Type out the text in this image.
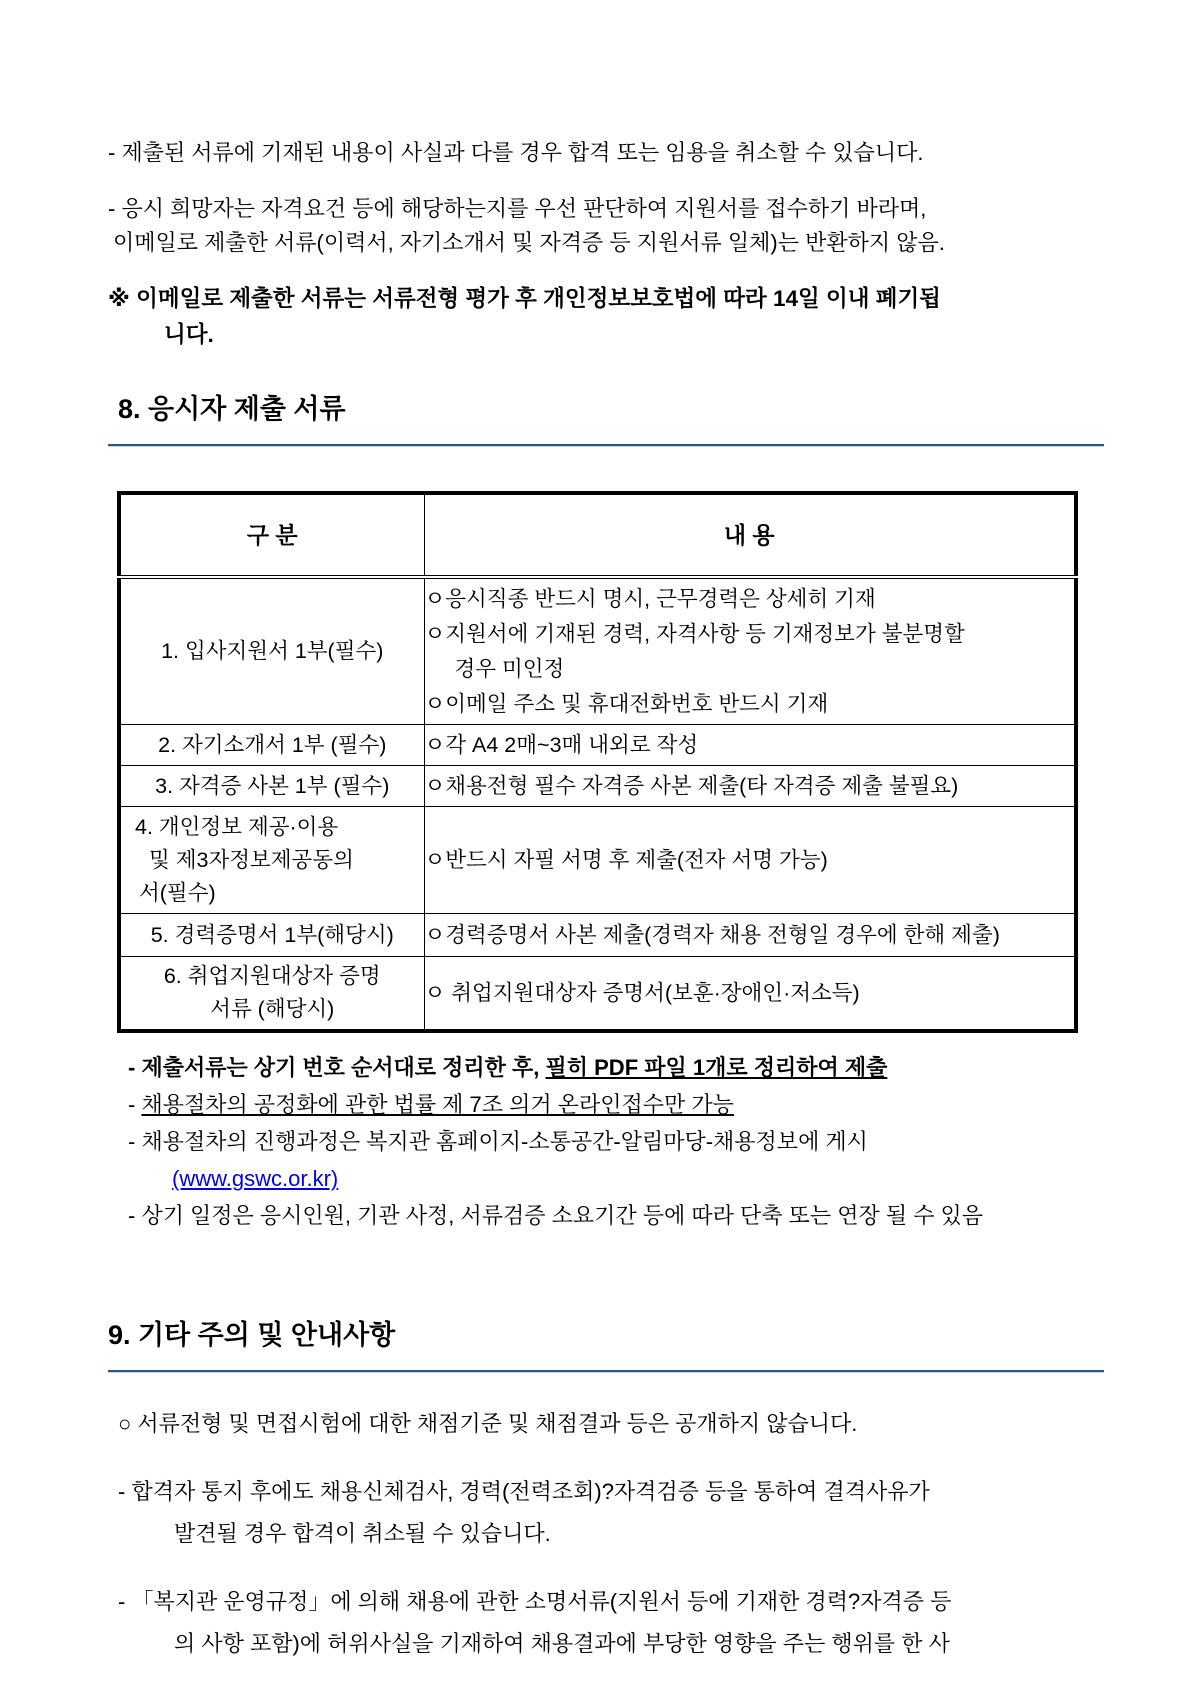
- 제출된 서류에 기재된 내용이 사실과 다를 경우 합격 또는 임용을 취소할 수 있습니다.

- 응시 희망자는 자격요건 등에 해당하는지를 우선 판단하여 지원서를 접수하기 바라며,
이메일로 제출한 서류(이력서, 자기소개서 및 자격증 등 지원서류 일체)는 반환하지 않음.

※ 이메일로 제출한 서류는 서류전형 평가 후 개인정보보호법에 따라 14일 이내 폐기됩
니다.

8. 응시자 제출 서류
구 분	내 용

1. 입사지원서 1부(필수)	ㅇ응시직종 반드시 명시, 근무경력은 상세히 기재
ㅇ지원서에 기재된 경력, 자격사항 등 기재정보가 불분명할
경우 미인정
ㅇ이메일 주소 및 휴대전화번호 반드시 기재

2. 자기소개서 1부 (필수)	ㅇ각 A4 2매~3매 내외로 작성

3. 자격증 사본 1부 (필수)	ㅇ채용전형 필수 자격증 사본 제출(타 자격증 제출 불필요)

4. 개인정보 제공·이용
및 제3자정보제공동의
서(필수)	ㅇ반드시 자필 서명 후 제출(전자 서명 가능)

5. 경력증명서 1부(해당시)	ㅇ경력증명서 사본 제출(경력자 채용 전형일 경우에 한해 제출)

6. 취업지원대상자 증명
서류 (해당시)	ㅇ 취업지원대상자 증명서(보훈·장애인·저소득)
- 제출서류는 상기 번호 순서대로 정리한 후, 필히 PDF 파일 1개로 정리하여 제출
- 채용절차의 공정화에 관한 법률 제 7조 의거 온라인접수만 가능
- 채용절차의 진행과정은 복지관 홈페이지-소통공간-알림마당-채용정보에 게시
(www.gswc.or.kr)
- 상기 일정은 응시인원, 기관 사정, 서류검증 소요기간 등에 따라 단축 또는 연장 될 수 있음
9. 기타 주의 및 안내사항

○ 서류전형 및 면접시험에 대한 채점기준 및 채점결과 등은 공개하지 않습니다.

- 합격자 통지 후에도 채용신체검사, 경력(전력조회)?자격검증 등을 통하여 결격사유가
발견될 경우 합격이 취소될 수 있습니다.

- 「복지관 운영규정」에 의해 채용에 관한 소명서류(지원서 등에 기재한 경력?자격증 등
의 사항 포함)에 허위사실을 기재하여 채용결과에 부당한 영향을 주는 행위를 한 사
